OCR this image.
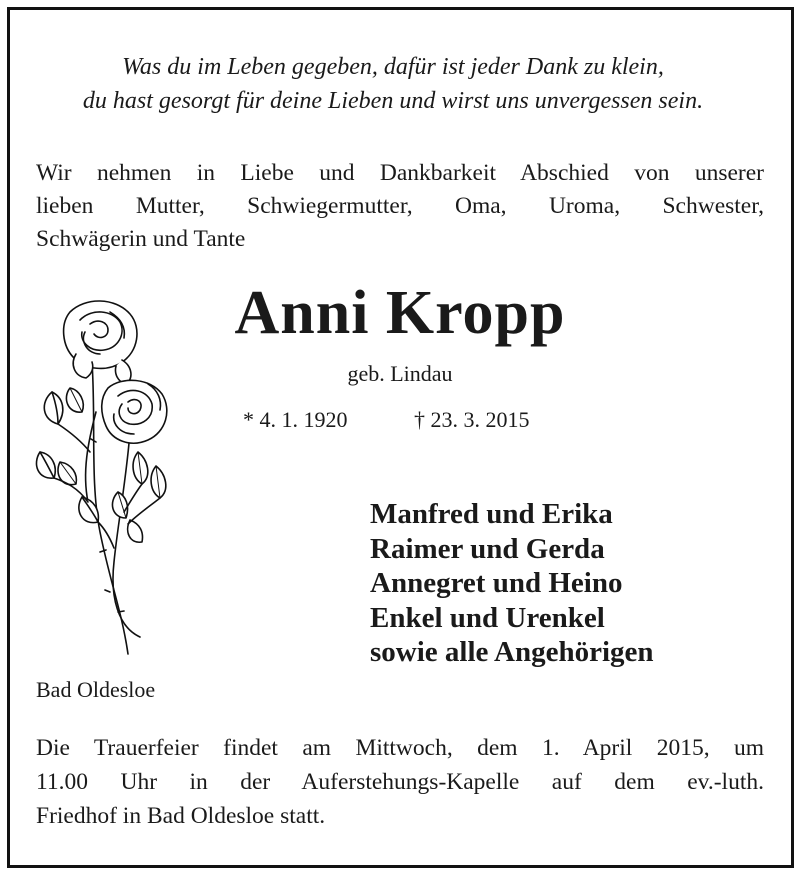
Was du im Leben gegeben, dafür ist jeder Dank zu klein,
du hast gesorgt für deine Lieben und wirst uns unvergessen sein.
Wir nehmen in Liebe und Dankbarkeit Abschied von unserer
lieben Mutter, Schwiegermutter, Oma, Uroma, Schwester,
Schwägerin und Tante
Anni Kropp
geb. Lindau
* 4. 1. 1920	† 23. 3. 2015
Manfred und Erika
Raimer und Gerda
Annegret und Heino
Enkel und Urenkel
sowie alle Angehörigen
Bad Oldesloe
Die Trauerfeier findet am Mittwoch, dem 1. April 2015, um
11.00 Uhr in der Auferstehungs-Kapelle auf dem ev.-luth.
Friedhof in Bad Oldesloe statt.
